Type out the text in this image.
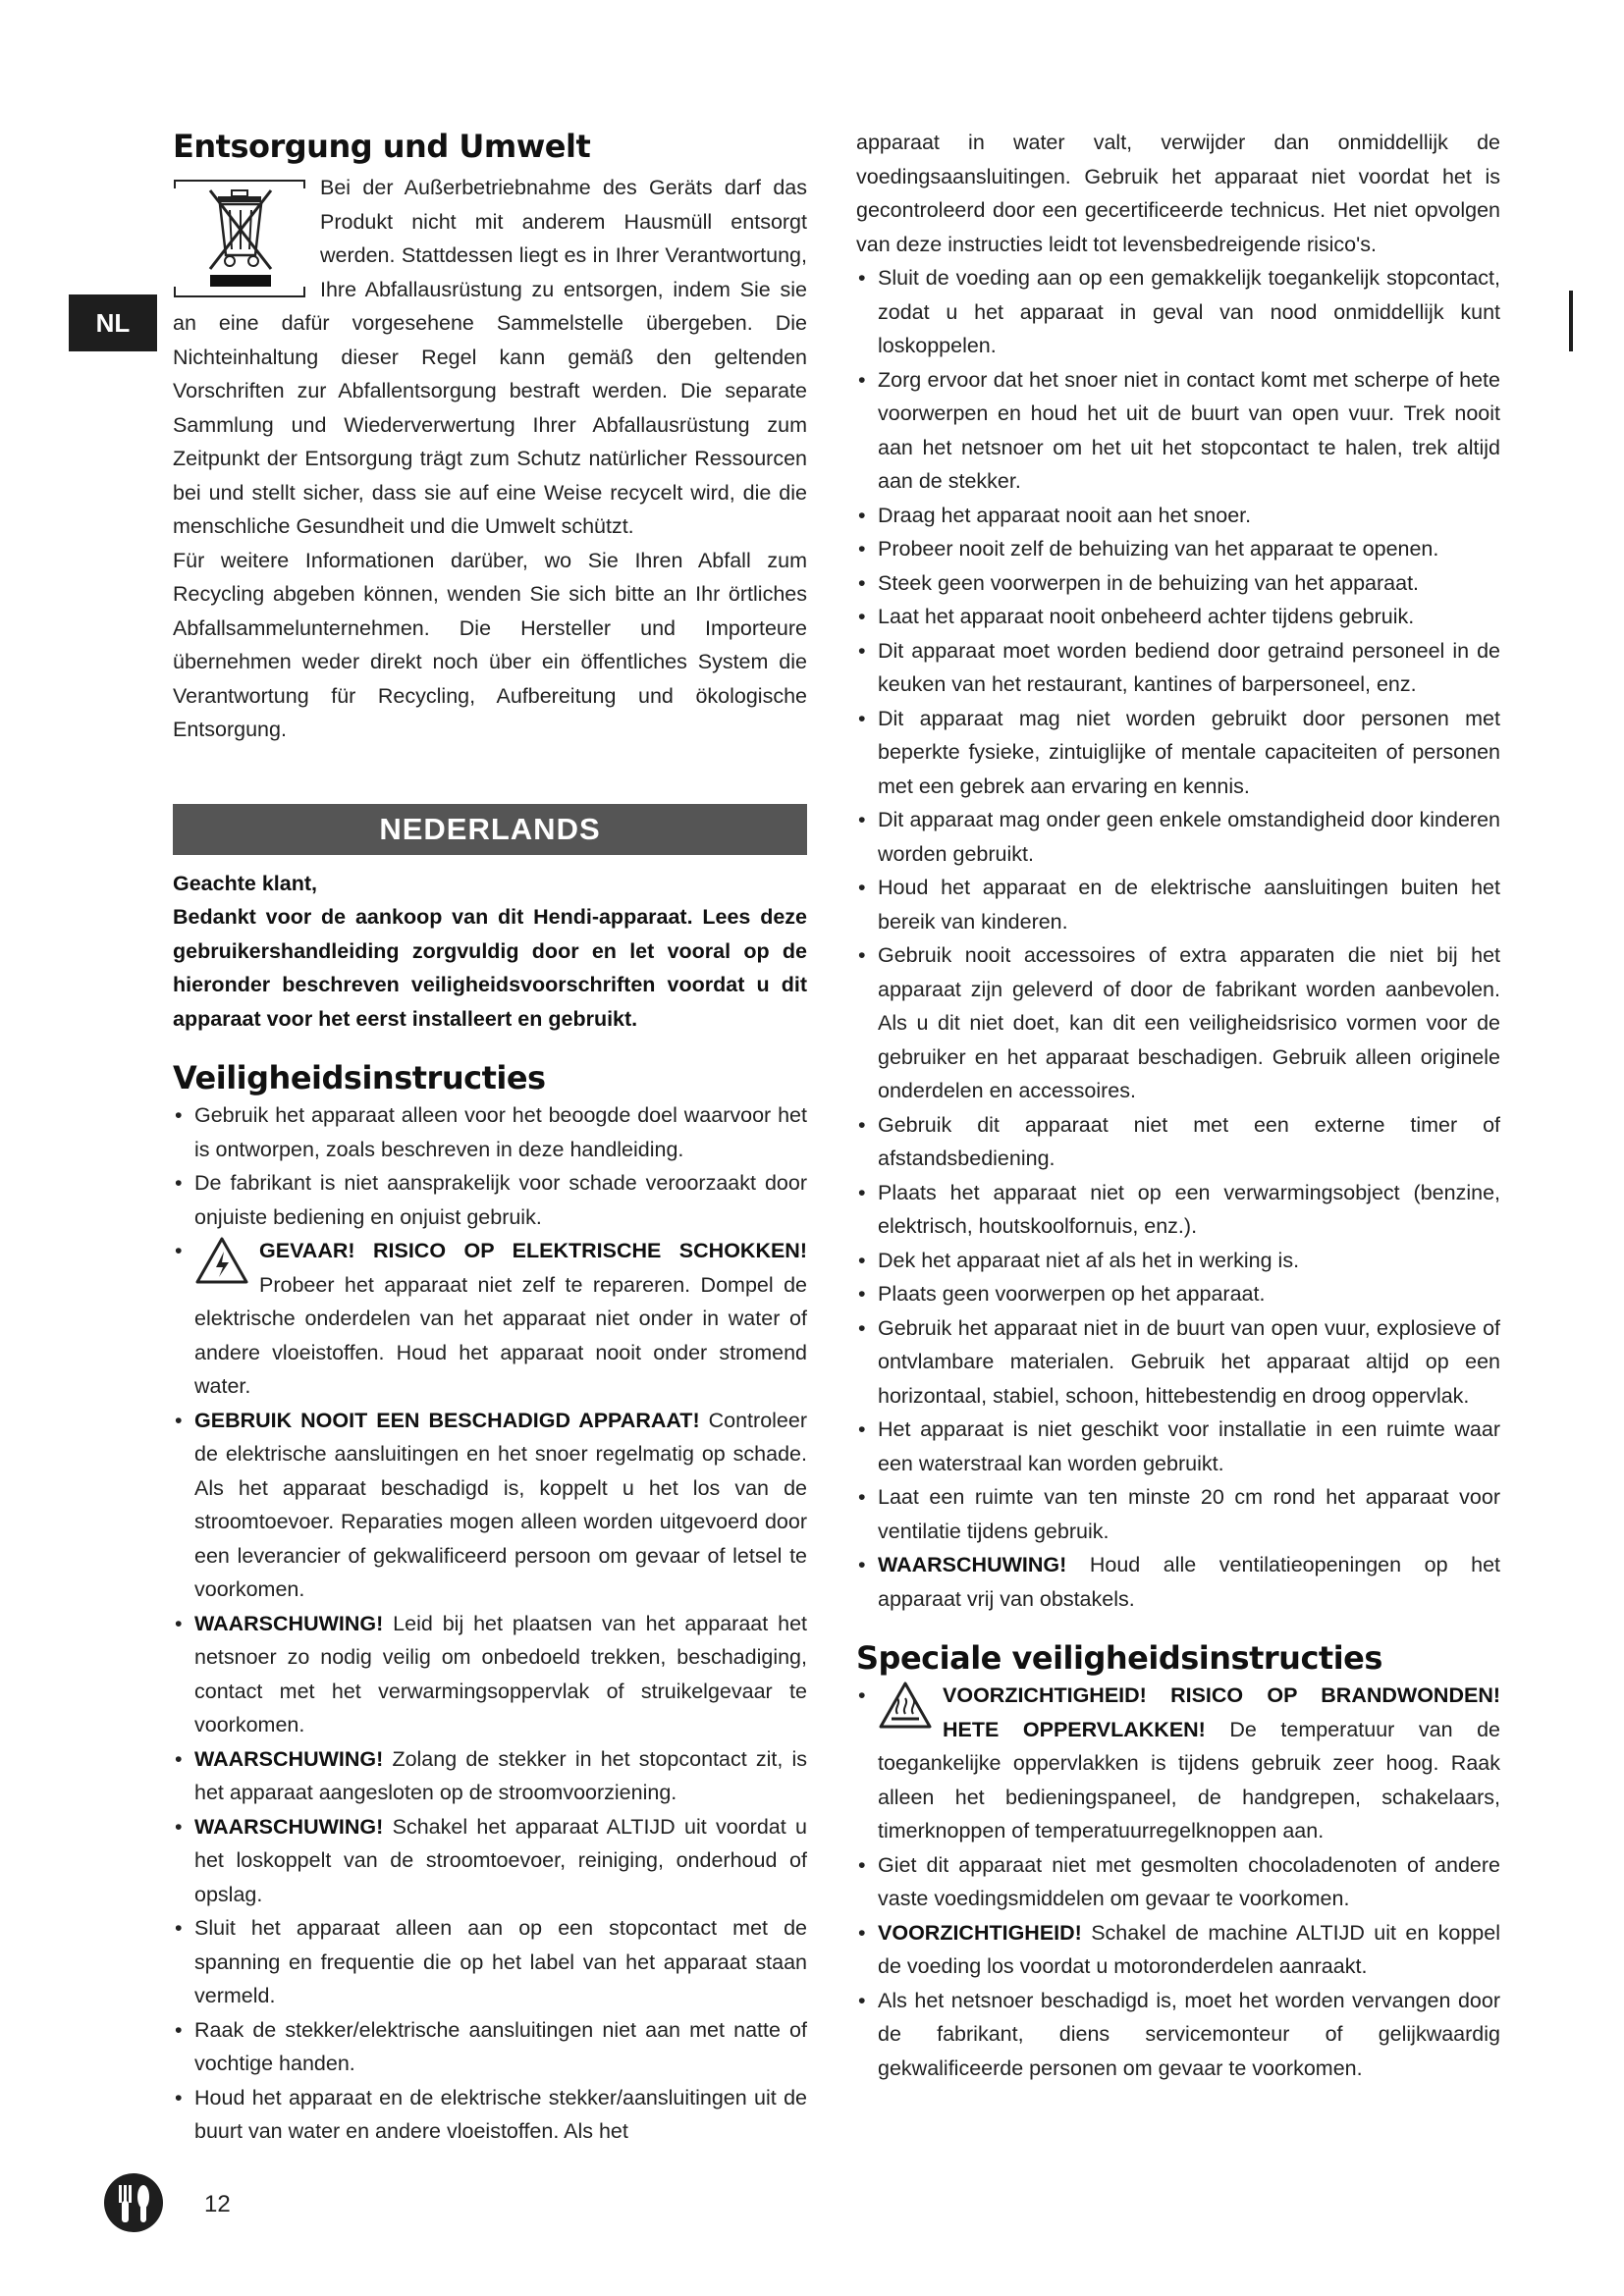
NL
Entsorgung und Umwelt

Bei der Außerbetriebnahme des Geräts darf das Produkt nicht mit anderem Hausmüll entsorgt werden. Stattdessen liegt es in Ihrer Verantwortung, Ihre Abfallausrüstung zu entsorgen, indem Sie sie an eine dafür vorgesehene Sammelstelle übergeben. Die Nichteinhaltung dieser Regel kann gemäß den geltenden Vorschriften zur Abfallentsorgung bestraft werden. Die separate Sammlung und Wiederverwertung Ihrer Abfallausrüstung zum Zeitpunkt der Entsorgung trägt zum Schutz natürlicher Ressourcen bei und stellt sicher, dass sie auf eine Weise recycelt wird, die die menschliche Gesundheit und die Umwelt schützt.

Für weitere Informationen darüber, wo Sie Ihren Abfall zum Recycling abgeben können, wenden Sie sich bitte an Ihr örtliches Abfallsammelunternehmen. Die Hersteller und Importeure übernehmen weder direkt noch über ein öffentliches System die Verantwortung für Recycling, Aufbereitung und ökologische Entsorgung.

NEDERLANDS
Geachte klant,

Bedankt voor de aankoop van dit Hendi-apparaat. Lees deze gebruikershandleiding zorgvuldig door en let vooral op de hieronder beschreven veiligheidsvoorschriften voordat u dit apparaat voor het eerst installeert en gebruikt.

Veiligheidsinstructies
• Gebruik het apparaat alleen voor het beoogde doel waarvoor het is ontworpen, zoals beschreven in deze handleiding.
• De fabrikant is niet aansprakelijk voor schade veroorzaakt door onjuiste bediening en onjuist gebruik.
•	GEVAAR! RISICO OP ELEKTRISCHE SCHOKKEN! Probeer het apparaat niet zelf te repareren. Dompel de elektrische onderdelen van het apparaat niet onder in water of andere vloeistoffen. Houd het apparaat nooit onder stromend water.
• GEBRUIK NOOIT EEN BESCHADIGD APPARAAT! Controleer de elektrische aansluitingen en het snoer regelmatig op schade. Als het apparaat beschadigd is, koppelt u het los van de stroomtoevoer. Reparaties mogen alleen worden uitgevoerd door een leverancier of gekwalificeerd persoon om gevaar of letsel te voorkomen.
• WAARSCHUWING! Leid bij het plaatsen van het apparaat het netsnoer zo nodig veilig om onbedoeld trekken, beschadiging, contact met het verwarmingsoppervlak of struikelgevaar te voorkomen.
• WAARSCHUWING! Zolang de stekker in het stopcontact zit, is het apparaat aangesloten op de stroomvoorziening.
• WAARSCHUWING! Schakel het apparaat ALTIJD uit voordat u het loskoppelt van de stroomtoevoer, reiniging, onderhoud of opslag.
• Sluit het apparaat alleen aan op een stopcontact met de spanning en frequentie die op het label van het apparaat staan vermeld.
• Raak de stekker/elektrische aansluitingen niet aan met natte of vochtige handen.
• Houd het apparaat en de elektrische stekker/aansluitingen uit de buurt van water en andere vloeistoffen. Als het

apparaat in water valt, verwijder dan onmiddellijk de voedingsaansluitingen. Gebruik het apparaat niet voordat het is gecontroleerd door een gecertificeerde technicus. Het niet opvolgen van deze instructies leidt tot levensbedreigende risico's.

• Sluit de voeding aan op een gemakkelijk toegankelijk stopcontact, zodat u het apparaat in geval van nood onmiddellijk kunt loskoppelen.
• Zorg ervoor dat het snoer niet in contact komt met scherpe of hete voorwerpen en houd het uit de buurt van open vuur. Trek nooit aan het netsnoer om het uit het stopcontact te halen, trek altijd aan de stekker.
• Draag het apparaat nooit aan het snoer.
• Probeer nooit zelf de behuizing van het apparaat te openen.
• Steek geen voorwerpen in de behuizing van het apparaat.
• Laat het apparaat nooit onbeheerd achter tijdens gebruik.
• Dit apparaat moet worden bediend door getraind personeel in de keuken van het restaurant, kantines of barpersoneel, enz.
• Dit apparaat mag niet worden gebruikt door personen met beperkte fysieke, zintuiglijke of mentale capaciteiten of personen met een gebrek aan ervaring en kennis.
• Dit apparaat mag onder geen enkele omstandigheid door kinderen worden gebruikt.
• Houd het apparaat en de elektrische aansluitingen buiten het bereik van kinderen.
• Gebruik nooit accessoires of extra apparaten die niet bij het apparaat zijn geleverd of door de fabrikant worden aanbevolen. Als u dit niet doet, kan dit een veiligheidsrisico vormen voor de gebruiker en het apparaat beschadigen. Gebruik alleen originele onderdelen en accessoires.
• Gebruik dit apparaat niet met een externe timer of afstandsbediening.
• Plaats het apparaat niet op een verwarmingsobject (benzine, elektrisch, houtskoolfornuis, enz.).
• Dek het apparaat niet af als het in werking is.
• Plaats geen voorwerpen op het apparaat.
• Gebruik het apparaat niet in de buurt van open vuur, explosieve of ontvlambare materialen. Gebruik het apparaat altijd op een horizontaal, stabiel, schoon, hittebestendig en droog oppervlak.
• Het apparaat is niet geschikt voor installatie in een ruimte waar een waterstraal kan worden gebruikt.
• Laat een ruimte van ten minste 20 cm rond het apparaat voor ventilatie tijdens gebruik.
• WAARSCHUWING! Houd alle ventilatieopeningen op het apparaat vrij van obstakels.
Speciale veiligheidsinstructies
•	VOORZICHTIGHEID! RISICO OP BRANDWONDEN! HETE OPPERVLAKKEN! De temperatuur van de toegankelijke oppervlakken is tijdens gebruik zeer hoog. Raak alleen het bedieningspaneel, de handgrepen, schakelaars, timerknoppen of temperatuurregelknoppen aan.
• Giet dit apparaat niet met gesmolten chocoladenoten of andere vaste voedingsmiddelen om gevaar te voorkomen.
• VOORZICHTIGHEID! Schakel de machine ALTIJD uit en koppel de voeding los voordat u motoronderdelen aanraakt.
• Als het netsnoer beschadigd is, moet het worden vervangen door de fabrikant, diens servicemonteur of gelijkwaardig gekwalificeerde personen om gevaar te voorkomen.
12
